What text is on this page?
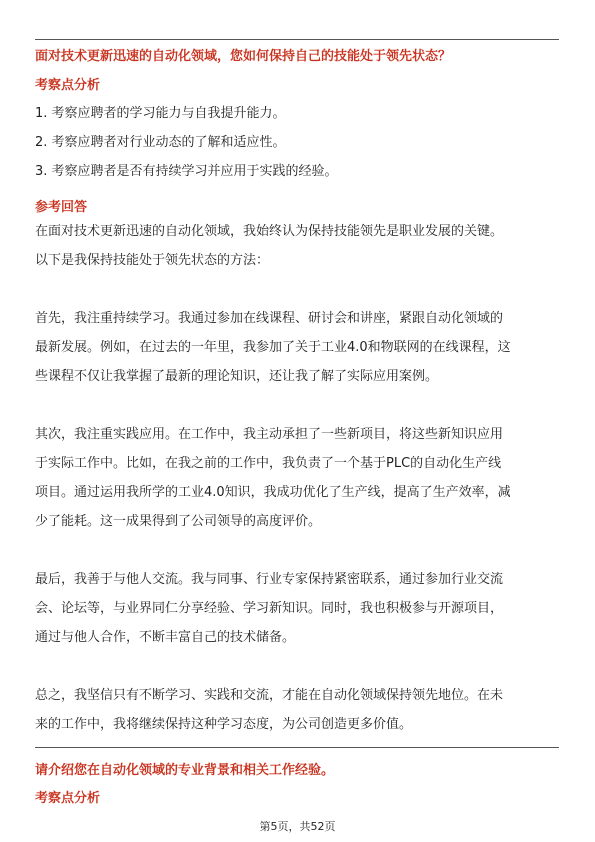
面对技术更新迅速的自动化领域，您如何保持自己的技能处于领先状态？
考察点分析
1. 考察应聘者的学习能力与自我提升能力。
2. 考察应聘者对行业动态的了解和适应性。
3. 考察应聘者是否有持续学习并应用于实践的经验。
参考回答
在面对技术更新迅速的自动化领域，我始终认为保持技能领先是职业发展的关键。
以下是我保持技能处于领先状态的方法：
首先，我注重持续学习。我通过参加在线课程、研讨会和讲座，紧跟自动化领域的
最新发展。例如，在过去的一年里，我参加了关于工业4.0和物联网的在线课程，这
些课程不仅让我掌握了最新的理论知识，还让我了解了实际应用案例。
其次，我注重实践应用。在工作中，我主动承担了一些新项目，将这些新知识应用
于实际工作中。比如，在我之前的工作中，我负责了一个基于PLC的自动化生产线
项目。通过运用我所学的工业4.0知识，我成功优化了生产线，提高了生产效率，减
少了能耗。这一成果得到了公司领导的高度评价。
最后，我善于与他人交流。我与同事、行业专家保持紧密联系，通过参加行业交流
会、论坛等，与业界同仁分享经验、学习新知识。同时，我也积极参与开源项目，
通过与他人合作，不断丰富自己的技术储备。
总之，我坚信只有不断学习、实践和交流，才能在自动化领域保持领先地位。在未
来的工作中，我将继续保持这种学习态度，为公司创造更多价值。
请介绍您在自动化领域的专业背景和相关工作经验。
考察点分析
第5页，共52页
